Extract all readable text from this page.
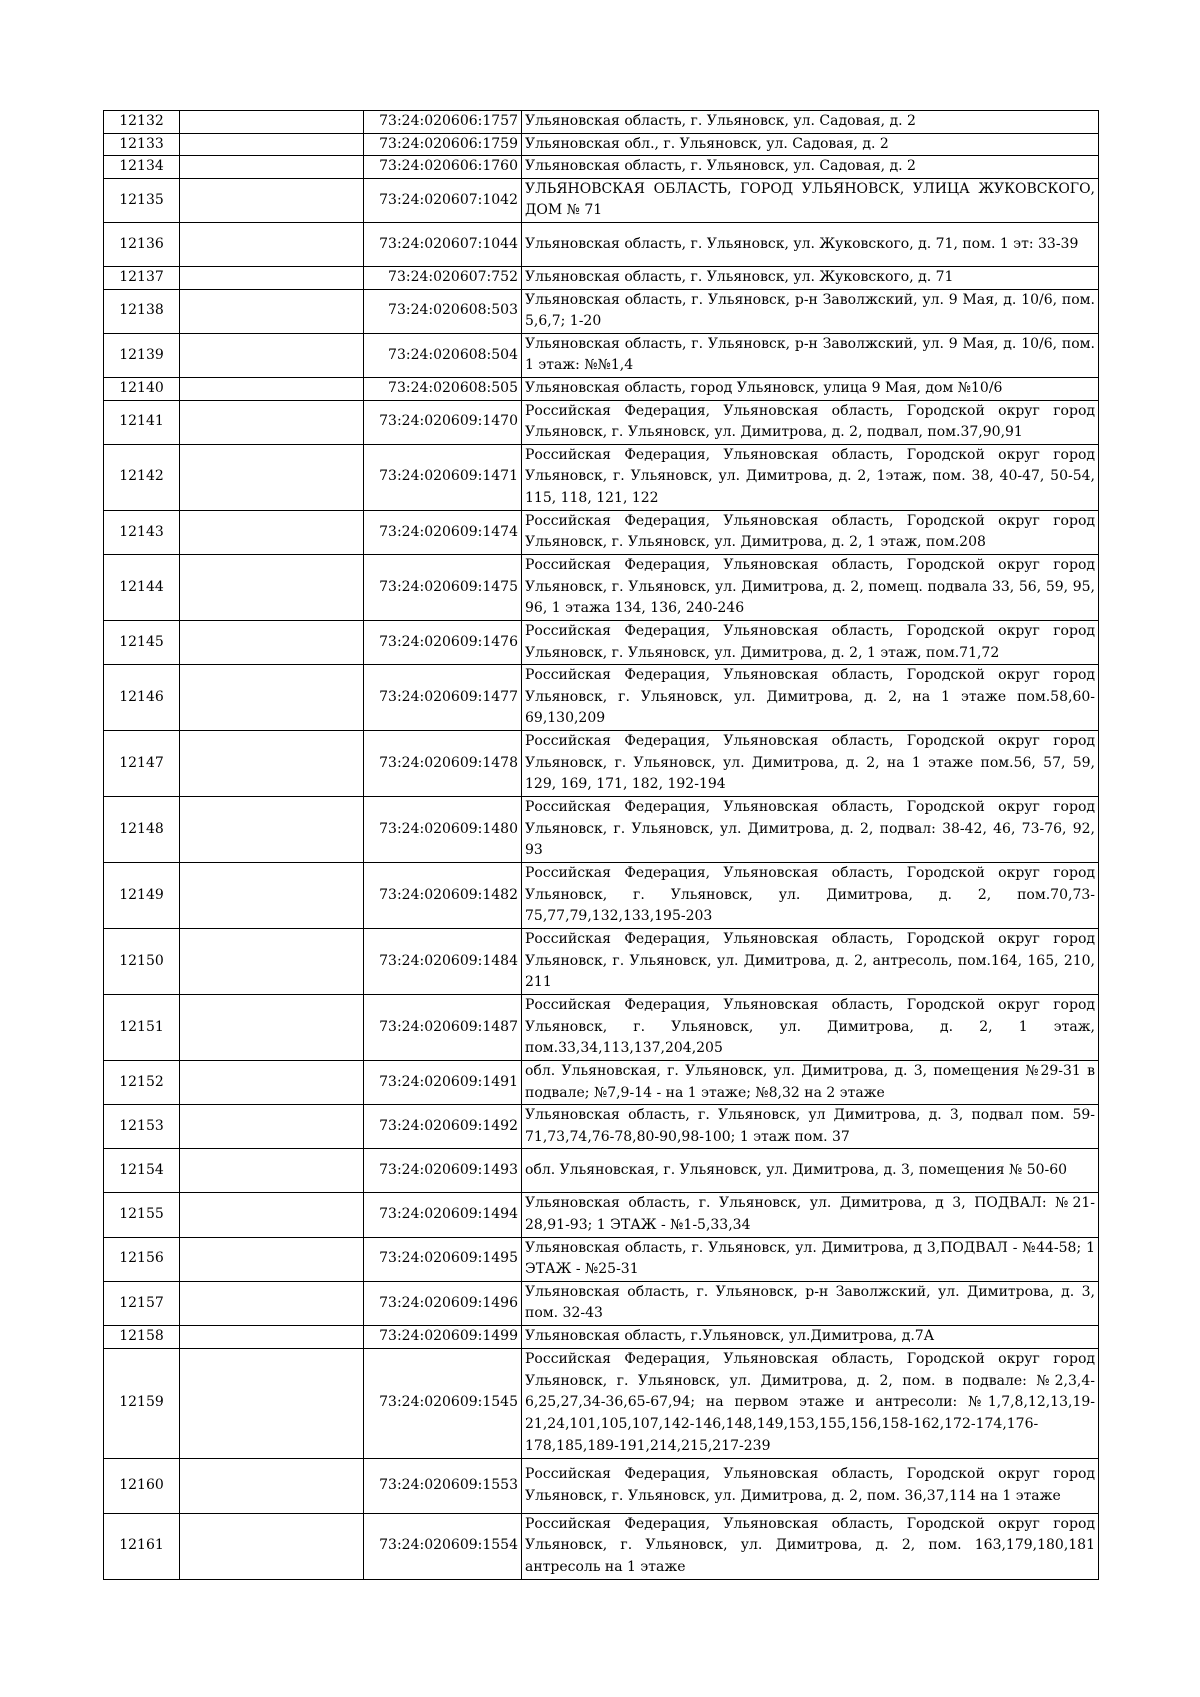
12132		73:24:020606:1757	Ульяновская область, г. Ульяновск, ул. Садовая, д. 2
12133		73:24:020606:1759	Ульяновская обл., г. Ульяновск, ул. Садовая, д. 2
12134		73:24:020606:1760	Ульяновская область, г. Ульяновск, ул. Садовая, д. 2
12135		73:24:020607:1042	УЛЬЯНОВСКАЯ ОБЛАСТЬ, ГОРОД УЛЬЯНОВСК, УЛИЦА ЖУКОВСКОГО, ДОМ № 71
12136		73:24:020607:1044	Ульяновская область, г. Ульяновск, ул. Жуковского, д. 71, пом. 1 эт: 33-39
12137		73:24:020607:752	Ульяновская область, г. Ульяновск, ул. Жуковского, д. 71
12138		73:24:020608:503	Ульяновская область, г. Ульяновск, р-н Заволжский, ул. 9 Мая, д. 10/6, пом. 5,6,7; 1-20
12139		73:24:020608:504	Ульяновская область, г. Ульяновск, р-н Заволжский, ул. 9 Мая, д. 10/6, пом. 1 этаж: №№1,4
12140		73:24:020608:505	Ульяновская область, город Ульяновск, улица 9 Мая, дом №10/6
12141		73:24:020609:1470	Российская Федерация, Ульяновская область, Городской округ город Ульяновск, г. Ульяновск, ул. Димитрова, д. 2, подвал, пом.37,90,91
12142		73:24:020609:1471	Российская Федерация, Ульяновская область, Городской округ город Ульяновск, г. Ульяновск, ул. Димитрова, д. 2, 1этаж, пом. 38, 40-47, 50-54, 115, 118, 121, 122
12143		73:24:020609:1474	Российская Федерация, Ульяновская область, Городской округ город Ульяновск, г. Ульяновск, ул. Димитрова, д. 2, 1 этаж, пом.208
12144		73:24:020609:1475	Российская Федерация, Ульяновская область, Городской округ город Ульяновск, г. Ульяновск, ул. Димитрова, д. 2, помещ. подвала 33, 56, 59, 95, 96, 1 этажа 134, 136, 240-246
12145		73:24:020609:1476	Российская Федерация, Ульяновская область, Городской округ город Ульяновск, г. Ульяновск, ул. Димитрова, д. 2, 1 этаж, пом.71,72
12146		73:24:020609:1477	Российская Федерация, Ульяновская область, Городской округ город Ульяновск, г. Ульяновск, ул. Димитрова, д. 2, на 1 этаже пом.58,60-69,130,209
12147		73:24:020609:1478	Российская Федерация, Ульяновская область, Городской округ город Ульяновск, г. Ульяновск, ул. Димитрова, д. 2, на 1 этаже пом.56, 57, 59, 129, 169, 171, 182, 192-194
12148		73:24:020609:1480	Российская Федерация, Ульяновская область, Городской округ город Ульяновск, г. Ульяновск, ул. Димитрова, д. 2, подвал: 38-42, 46, 73-76, 92, 93
12149		73:24:020609:1482	Российская Федерация, Ульяновская область, Городской округ город Ульяновск, г. Ульяновск, ул. Димитрова, д. 2, пом.70,73-75,77,79,132,133,195-203
12150		73:24:020609:1484	Российская Федерация, Ульяновская область, Городской округ город Ульяновск, г. Ульяновск, ул. Димитрова, д. 2, антресоль, пом.164, 165, 210, 211
12151		73:24:020609:1487	Российская Федерация, Ульяновская область, Городской округ город Ульяновск, г. Ульяновск, ул. Димитрова, д. 2, 1 этаж, пом.33,34,113,137,204,205
12152		73:24:020609:1491	обл. Ульяновская, г. Ульяновск, ул. Димитрова, д. 3, помещения №29-31 в подвале; №7,9-14 - на 1 этаже; №8,32 на 2 этаже
12153		73:24:020609:1492	Ульяновская область, г. Ульяновск, ул Димитрова, д. 3, подвал пом. 59-71,73,74,76-78,80-90,98-100; 1 этаж пом. 37
12154		73:24:020609:1493	обл. Ульяновская, г. Ульяновск, ул. Димитрова, д. 3, помещения № 50-60
12155		73:24:020609:1494	Ульяновская область, г. Ульяновск, ул. Димитрова, д 3, ПОДВАЛ: №21-28,91-93; 1 ЭТАЖ - №1-5,33,34
12156		73:24:020609:1495	Ульяновская область, г. Ульяновск, ул. Димитрова, д 3,ПОДВАЛ - №44-58; 1 ЭТАЖ - №25-31
12157		73:24:020609:1496	Ульяновская область, г. Ульяновск, р-н Заволжский, ул. Димитрова, д. 3, пом. 32-43
12158		73:24:020609:1499	Ульяновская область, г.Ульяновск, ул.Димитрова, д.7А
12159		73:24:020609:1545	Российская Федерация, Ульяновская область, Городской округ город Ульяновск, г. Ульяновск, ул. Димитрова, д. 2, пом. в подвале: №2,3,4-6,25,27,34-36,65-67,94; на первом этаже и антресоли: №1,7,8,12,13,19-21,24,101,105,107,142-146,148,149,153,155,156,158-162,172-174,176-178,185,189-191,214,215,217-239
12160		73:24:020609:1553	Российская Федерация, Ульяновская область, Городской округ город Ульяновск, г. Ульяновск, ул. Димитрова, д. 2, пом. 36,37,114 на 1 этаже
12161		73:24:020609:1554	Российская Федерация, Ульяновская область, Городской округ город Ульяновск, г. Ульяновск, ул. Димитрова, д. 2, пом. 163,179,180,181 антресоль на 1 этаже
